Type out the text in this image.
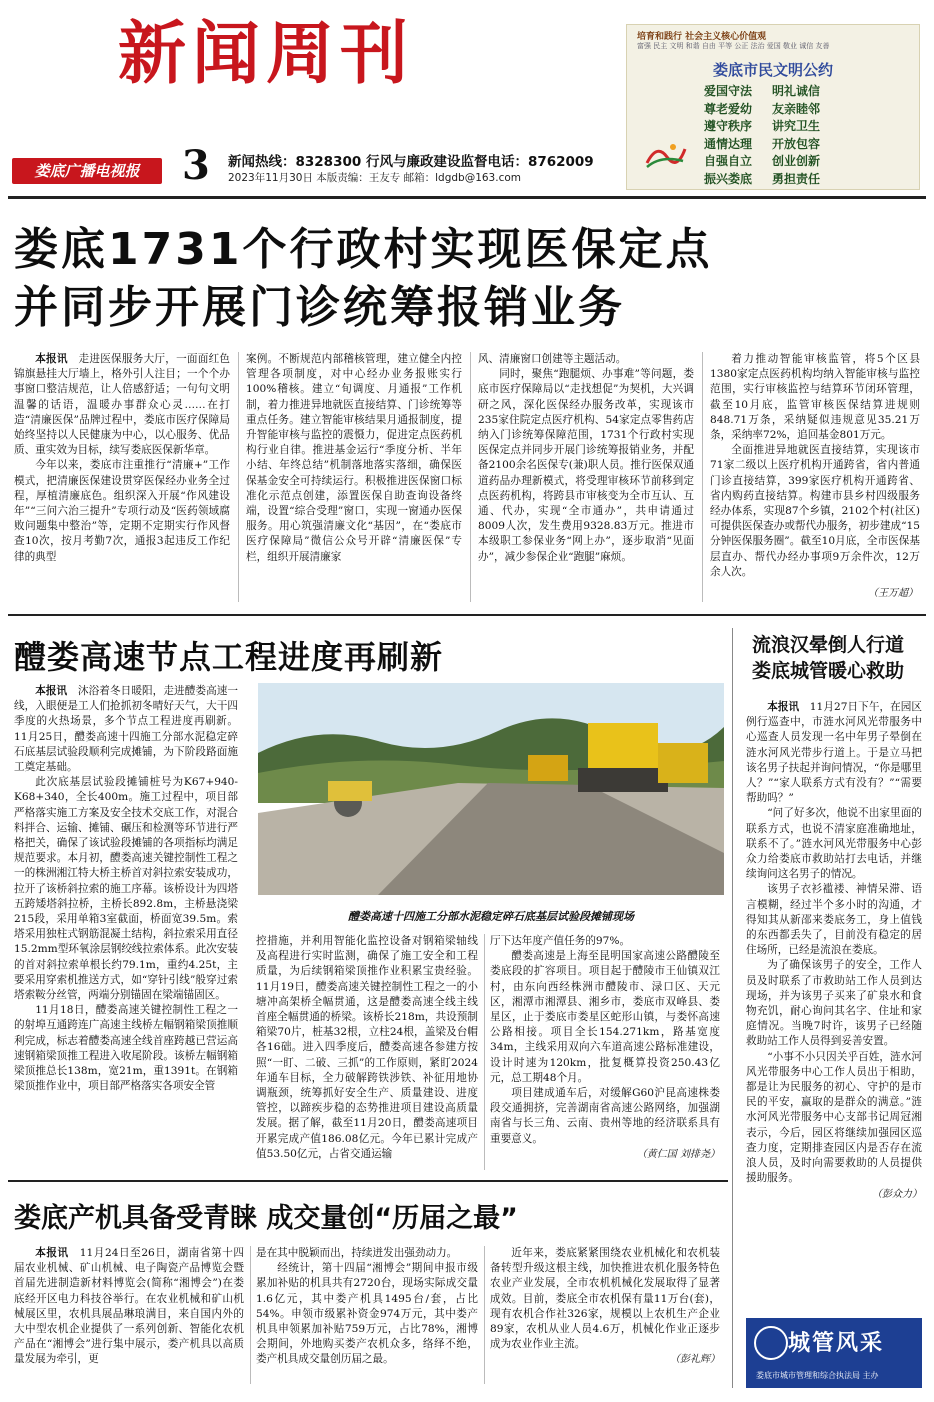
新闻周刊
娄底广播电视报	3 新闻热线：8328300 行风与廉政建设监督电话：8762009
2023年11月30日 本版责编：王友专 邮箱：ldgdb@163.com
培育和践行 社会主义核心价值观
富强 民主 文明 和谐 自由 平等 公正 法治 爱国 敬业 诚信 友善
娄底市民文明公约
爱国守法　 明礼诚信
尊老爱幼　 友亲睦邻
遵守秩序　 讲究卫生
通情达理　 开放包容
自强自立　 创业创新
振兴娄底　 勇担责任
娄底1731个行政村实现医保定点
并同步开展门诊统筹报销业务

本报讯　 走进医保服务大厅，一面面红色锦旗悬挂大厅墙上，格外引人注目；一个个办事窗口整洁规范，让人倍感舒适；一句句文明温馨的话语，温暖办事群众心灵……在打造“清廉医保”品牌过程中，娄底市医疗保障局始终坚持以人民健康为中心，以心服务、优品质、重实效为目标，续写娄底医保新华章。

今年以来，娄底市注重推行“清廉+”工作模式，把清廉医保建设贯穿医保经办业务全过程，厚植清廉底色。组织深入开展“作风建设年”“三问六治三提升”专项行动及“医药领域腐败问题集中整治”等，定期不定期实行作风督查10次，按月考勤7次，通报3起违反工作纪律的典型

案例。不断规范内部稽核管理，建立健全内控管理各项制度，对中心经办业务报账实行100%稽核。建立“旬调度、月通报”工作机制，着力推进异地就医直接结算、门诊统筹等重点任务。建立智能审核结果月通报制度，提升智能审核与监控的震慑力，促进定点医药机构行业自律。推进基金运行“季度分析、半年小结、年终总结”机制落地落实落细，确保医保基金安全可持续运行。积极推进医保窗口标准化示范点创建，添置医保自助查询设备终端，设置“综合受理”窗口，实现一窗通办医保服务。用心筑强清廉文化“基因”，在“娄底市医疗保障局”微信公众号开辟“清廉医保”专栏，组织开展清廉家

风、清廉窗口创建等主题活动。

同时，聚焦“跑腿烦、办事难”等问题，娄底市医疗保障局以“走找想促”为契机，大兴调研之风，深化医保经办服务改革，实现该市235家住院定点医疗机构、54家定点零售药店纳入门诊统筹保障范围，1731个行政村实现医保定点并同步开展门诊统筹报销业务，并配备2100余名医保专(兼)职人员。推行医保双通道药品办理新模式，将受理审核环节前移到定点医药机构，将跨县市审核变为全市互认、互通、代办，实现“全市通办”，共申请通过8009人次，发生费用9328.83万元。推进市本级职工参保业务“网上办”，逐步取消“见面办”，减少参保企业“跑腿”麻烦。

着力推动智能审核监管，将5个区县1380家定点医药机构均纳入智能审核与监控范围，实行审核监控与结算环节闭环管理，截至10月底，监管审核医保结算进规则848.71万条，采纳疑似违规意见35.21万条，采纳率72%，追回基金801万元。

全面推进异地就医直接结算，实现该市71家二级以上医疗机构开通跨省，省内普通门诊直接结算，399家医疗机构开通跨省、省内购药直接结算。构建市县乡村四级服务经办体系，实现87个乡镇，2102个村(社区)可提供医保查办或帮代办服务，初步建成“15分钟医保服务圈”。截至10月底，全市医保基层直办、帮代办经办事项9万余件次，12万余人次。

（王万超）
醴娄高速节点工程进度再刷新

本报讯　 沐浴着冬日暖阳，走进醴娄高速一线，入眼便是工人们抢抓初冬晴好天气，大干四季度的火热场景，多个节点工程进度再刷新。11月25日，醴娄高速十四施工分部水泥稳定碎石底基层试验段顺利完成摊铺，为下阶段路面施工奠定基础。

此次底基层试验段摊铺桩号为K67+940-K68+340，全长400m。施工过程中，项目部严格落实施工方案及安全技术交底工作，对混合料拌合、运输、摊铺、碾压和检测等环节进行严格把关，确保了该试验段摊铺的各项指标均满足规范要求。本月初，醴娄高速关键控制性工程之一的株洲湘江特大桥主桥首对斜拉索安装成功，拉开了该桥斜拉索的施工序幕。该桥设计为四塔五跨矮塔斜拉桥，主桥长892.8m，主桥悬浇梁215段，采用单箱3室截面，桥面宽39.5m。索塔采用独柱式钢筋混凝土结构，斜拉索采用直径15.2mm型环氧涂层钢绞线拉索体系。此次安装的首对斜拉索单根长约79.1m，重约4.25t，主要采用穿索机推送方式，如“穿针引线”般穿过索塔索鞍分丝管，两端分别锚固在梁端锚固区。

11月18日，醴娄高速关键控制性工程之一的射埠互通跨连广高速主线桥左幅钢箱梁顶推顺利完成，标志着醴娄高速全线首座跨越已营运高速钢箱梁顶推工程进入收尾阶段。该桥左幅钢箱梁顶推总长138m，宽21m，重1391t。在钢箱梁顶推作业中，项目部严格落实各项安全管

醴娄高速十四施工分部水泥稳定碎石底基层试验段摊铺现场

控措施，并利用智能化监控设备对钢箱梁轴线及高程进行实时监测，确保了施工安全和工程质量，为后续钢箱梁顶推作业积累宝贵经验。11月19日，醴娄高速关键控制性工程之一的小塘冲高架桥全幅贯通，这是醴娄高速全线主线首座全幅贯通的桥梁。该桥长218m，共设预制箱梁70片，桩基32根，立柱24根，盖梁及台帽各16础。进入四季度后，醴娄高速各参建方按照“一盯、二破、三抓”的工作原则，紧盯2024年通车目标，全力破解跨铁涉铁、补征用地协调瓶颈，统筹抓好安全生产、质量建设、进度管控，以蹄疾步稳的态势推进项目建设高质量发展。据了解，截至11月20日，醴娄高速项目开累完成产值186.08亿元。今年已累计完成产值53.50亿元，占省交通运输

厅下达年度产值任务的97%。

醴娄高速是上海至昆明国家高速公路醴陵至娄底段的扩容项目。项目起于醴陵市王仙镇双江村，由东向西经株洲市醴陵市、渌口区、天元区，湘潭市湘潭县、湘乡市，娄底市双峰县、娄星区，止于娄底市娄星区蛇形山镇，与娄怀高速公路相接。项目全长154.271km，路基宽度34m，主线采用双向六车道高速公路标准建设，设计时速为120km，批复概算投资250.43亿元，总工期48个月。

项目建成通车后，对缓解G60沪昆高速株娄段交通拥挤，完善湖南省高速公路网络，加强湖南省与长三角、云南、贵州等地的经济联系具有重要意义。

（黄仁国 刘排尧）
流浪汉晕倒人行道
娄底城管暖心救助

本报讯　 11月27日下午，在园区例行巡查中，市涟水河风光带服务中心巡查人员发现一名中年男子晕倒在涟水河风光带步行道上。于是立马把该名男子扶起并询问情况，“你是哪里人？”“家人联系方式有没有？”“需要帮助吗？”

“问了好多次，他说不出家里面的联系方式，也说不清家庭准确地址，联系不了。”涟水河风光带服务中心彭众力给娄底市救助站打去电话，并继续询问这名男子的情况。

该男子衣衫褴褛、神情呆滞、语言模糊，经过半个多小时的沟通，才得知其从新邵来娄底务工，身上值钱的东西都丢失了，目前没有稳定的居住场所，已经是流浪在娄底。

为了确保该男子的安全，工作人员及时联系了市救助站工作人员到达现场，并为该男子买来了矿泉水和食物充饥，耐心询问其名字、住址和家庭情况。当晚7时许，该男子已经随救助站工作人员得到妥善安置。

“小事不小只因关乎百姓，涟水河风光带服务中心工作人员出于相助，都是让为民服务的初心、守护的是市民的平安，赢取的是群众的满意。”涟水河风光带服务中心支部书记周冠湘表示，今后，园区将继续加强园区巡查力度，定期排查园区内是否存在流浪人员，及时向需要救助的人员提供援助服务。

（彭众力）
城管风采
娄底市城市管理和综合执法局 主办
娄底产机具备受青睐 成交量创“历届之最”

本报讯　 11月24日至26日，湖南省第十四届农业机械、矿山机械、电子陶瓷产品博览会暨首届先进制造新材料博览会(简称“湘博会”)在娄底经开区电力科技谷举行。在农业机械和矿山机械展区里，农机具展品琳琅满目，来自国内外的大中型农机企业提供了一系列创新、智能化农机产品在“湘博会”进行集中展示，娄产机具以高质量发展为牵引，更

是在其中脱颖而出，持续迸发出强劲动力。

经统计，第十四届“湘博会”期间申报市级累加补贴的机具共有2720台，现场实际成交量1.6亿元，其中娄产机具1495台/套，占比54%。申领市级累补资金974万元，其中娄产机具申领累加补贴759万元，占比78%，湘博会期间，外地购买娄产农机众多，络绎不绝，娄产机具成交量创历届之最。

近年来，娄底紧紧围绕农业机械化和农机装备转型升级这根主线，加快推进农机化服务特色农业产业发展，全市农机机械化发展取得了显著成效。目前，娄底全市农机保有量11万台(套)，现有农机合作社326家，规模以上农机生产企业89家，农机从业人员4.6万，机械化作业正逐步成为农业作业主流。

（彭礼辉）
